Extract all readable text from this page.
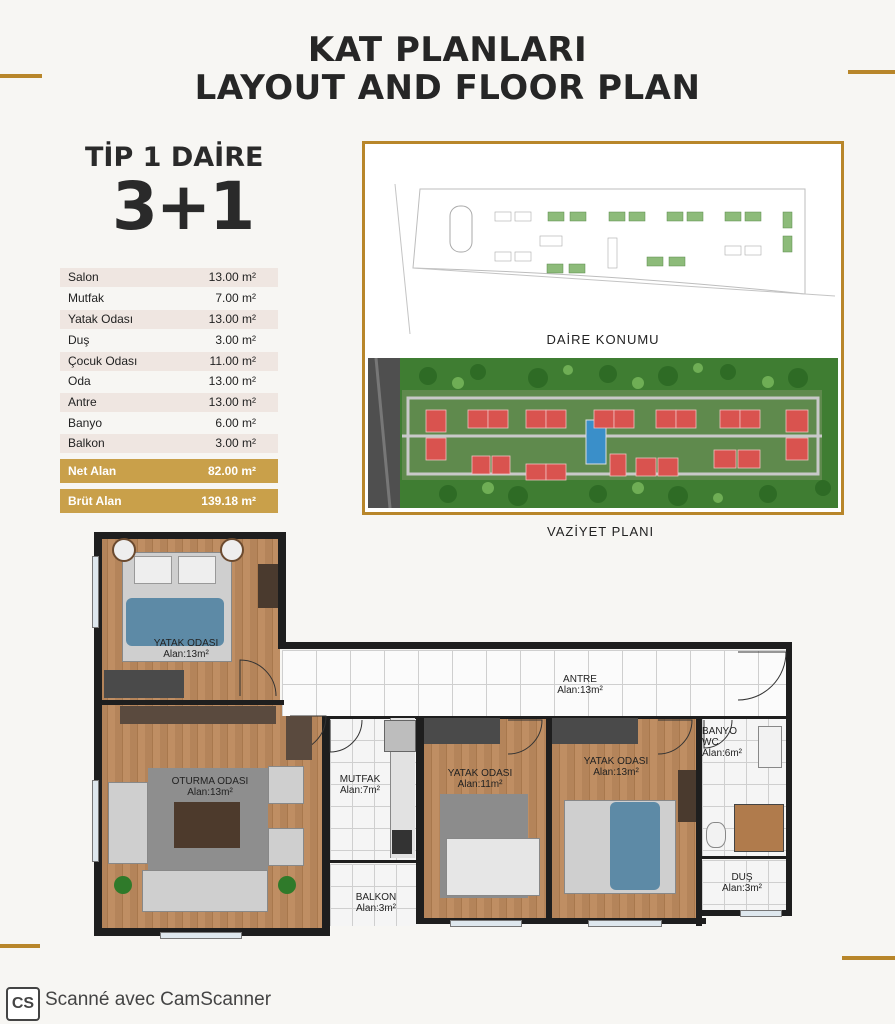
KAT PLANLARI
LAYOUT AND FLOOR PLAN
TİP 1 DAİRE
3+1
Salon	13.00 m²
Mutfak	7.00 m²
Yatak Odası	13.00 m²
Duş	3.00 m²
Çocuk Odası	11.00 m²
Oda	13.00 m²
Antre	13.00 m²
Banyo	6.00 m²
Balkon	3.00 m²
Net Alan	82.00 m²
Brüt Alan	139.18 m²
DAİRE KONUMU
VAZİYET PLANI
YATAK ODASI
Alan:13m²
ANTRE
Alan:13m²
OTURMA ODASI
Alan:13m²
MUTFAK
Alan:7m²
YATAK ODASI
Alan:11m²
YATAK ODASI
Alan:13m²
BANYO
WC
Alan:6m²
DUŞ
Alan:3m²
BALKON
Alan:3m²
CS Scanné avec CamScanner
